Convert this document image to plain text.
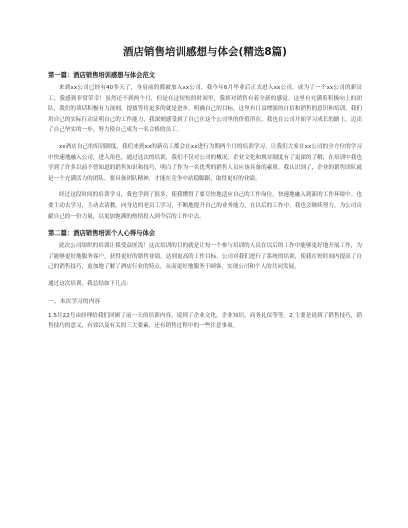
酒店销售培训感想与体会(精选8篇)
第一篇：酒店销售培训感想与体会范文

来到xx公司已经有40多天了，身肩前的都被加入xx公司，我今年6月毕业后正式进入xx公司，成为了一个xx公司的新员工，我感到非常荣幸！虽然还不到两个月，但是在这短短的时间里，我却对销售有着全新的感觉。这里有充满着积极向上的团队，我们的谈话积极有力深刻，提拔等待更多的就是进步。明确自己的目标，这里有日益增强的自信和销售的意识和培训，我们用自己的实际行动证明自己的工作能力，我深刻感受到了自己在这个公司里的价值所在，我也在公司开始学习成长的路上，迈出了自己坚实的一步，努力使自己成为一名合格的员工。

xx酒店自己的培训制度，我们来到xx的新员工都会在xx进行为期两个月的培训学习，让我们大家在xx公司的全方位的学习中快速地融入公司，进入角色。通过这次的培训，我们不仅对公司的概况、企业文化和规章制度有了更深的了解，在培训中我也学到了许多以前不曾知道的销售知识和技巧，明白了作为一名优秀的销售人员应该具备的素质。我认识到了，企业的销售团队就是一个充满活力的团队，要具备团队精神，才能在竞争中站稳脚跟，取得更好的业绩。

经过这段时间的培训学习，我也学到了很多，使我懂得了要尽快地适应自己的工作岗位，快速地融入到新的工作环境中。也要主动去学习，主动去请教，向身边的老员工学习，不断地提升自己的业务能力，在以后的工作中，我也会继续努力，为公司贡献自己的一份力量，以更加饱满的热情投入到今后的工作中去。

第二篇：酒店销售培训个人心得与体会

此次公司组织的培训让我受益匪浅！这次培训的目的就是让每一个参与培训的人员在以后的工作中能够更好地开展工作，为了能够更好地服务客户，获得更好的销售业绩，达到更高的工作目标，公司对我们进行了系统的培训，使我在短时间内提高了自己的销售技巧，更加地了解了酒店行业的特点，从而更好地服务于顾客，实现公司和个人的共同发展。

通过这次培训，我总结如下几点：

一、本次学习的内容

1.5月22号由经理给我们回顾了前一天的培训内容，说到了企业文化，企业知识，商务礼仪等等。2.主要是说到了销售技巧，销售技巧的意义，有效以及有关的三大要素，还有销售过程中的一些注意事项。
